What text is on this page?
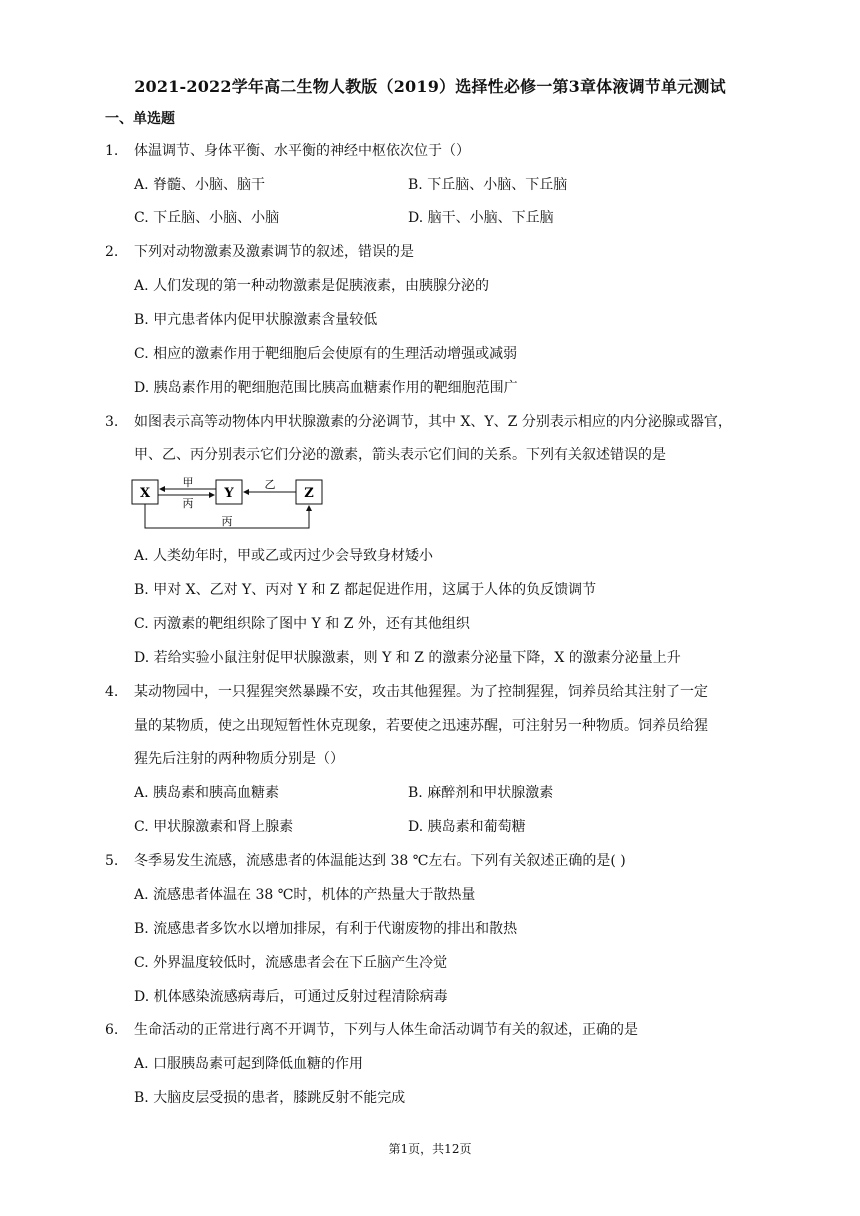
2021-2022学年高二生物人教版（2019）选择性必修一第3章体液调节单元测试
一、单选题
1. 体温调节、身体平衡、水平衡的神经中枢依次位于（）
A. 脊髓、小脑、脑干	B. 下丘脑、小脑、下丘脑
C. 下丘脑、小脑、小脑	D. 脑干、小脑、下丘脑
2. 下列对动物激素及激素调节的叙述，错误的是
A. 人们发现的第一种动物激素是促胰液素，由胰腺分泌的
B. 甲亢患者体内促甲状腺激素含量较低
C. 相应的激素作用于靶细胞后会使原有的生理活动增强或减弱
D. 胰岛素作用的靶细胞范围比胰高血糖素作用的靶细胞范围广
3. 如图表示高等动物体内甲状腺激素的分泌调节，其中 X、Y、Z 分别表示相应的内分泌腺或器官，
甲、乙、丙分别表示它们分泌的激素，箭头表示它们间的关系。下列有关叙述错误的是
X	Y	Z
甲
丙
乙
丙
A. 人类幼年时，甲或乙或丙过少会导致身材矮小
B. 甲对 X、乙对 Y、丙对 Y 和 Z 都起促进作用，这属于人体的负反馈调节
C. 丙激素的靶组织除了图中 Y 和 Z 外，还有其他组织
D. 若给实验小鼠注射促甲状腺激素，则 Y 和 Z 的激素分泌量下降，X 的激素分泌量上升
4. 某动物园中，一只猩猩突然暴躁不安，攻击其他猩猩。为了控制猩猩，饲养员给其注射了一定
量的某物质，使之出现短暂性休克现象，若要使之迅速苏醒，可注射另一种物质。饲养员给猩
猩先后注射的两种物质分别是（）
A. 胰岛素和胰高血糖素	B. 麻醉剂和甲状腺激素
C. 甲状腺激素和肾上腺素	D. 胰岛素和葡萄糖
5. 冬季易发生流感，流感患者的体温能达到 38 ℃左右。下列有关叙述正确的是( )
A. 流感患者体温在 38 ℃时，机体的产热量大于散热量
B. 流感患者多饮水以增加排尿，有利于代谢废物的排出和散热
C. 外界温度较低时，流感患者会在下丘脑产生冷觉
D. 机体感染流感病毒后，可通过反射过程清除病毒
6. 生命活动的正常进行离不开调节，下列与人体生命活动调节有关的叙述，正确的是
A. 口服胰岛素可起到降低血糖的作用
B. 大脑皮层受损的患者，膝跳反射不能完成
第1页，共12页
